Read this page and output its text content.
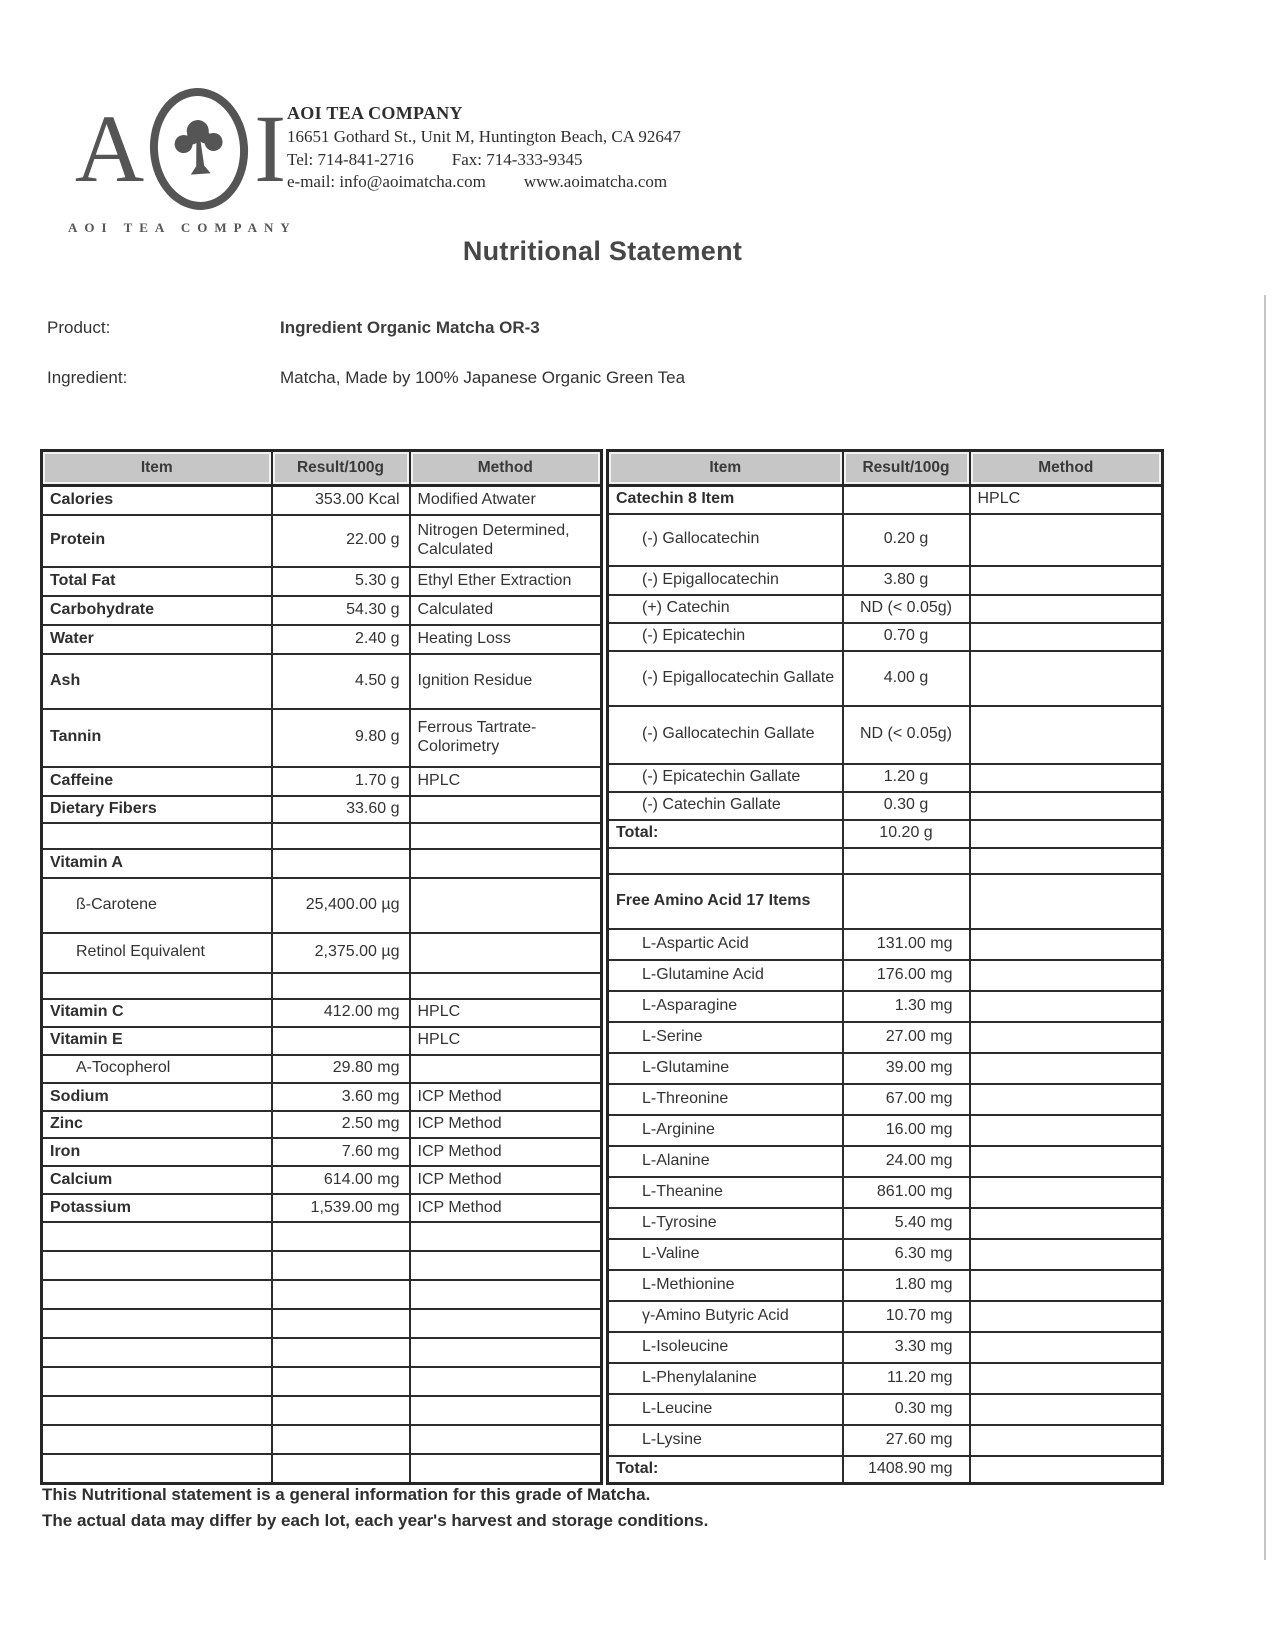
A I
AOI TEA COMPANY
AOI TEA COMPANY
16651 Gothard St., Unit M, Huntington Beach, CA 92647
Tel: 714-841-2716 Fax: 714-333-9345
e-mail: info@aoimatcha.com www.aoimatcha.com
Nutritional Statement
Product:	Ingredient Organic Matcha OR-3
Ingredient:	Matcha, Made by 100% Japanese Organic Green Tea
Item	Result/100g	Method
Calories	353.00 Kcal	Modified Atwater
Protein	22.00 g	Nitrogen Determined, Calculated
Total Fat	5.30 g	Ethyl Ether Extraction
Carbohydrate	54.30 g	Calculated
Water	2.40 g	Heating Loss
Ash	4.50 g	Ignition Residue
Tannin	9.80 g	Ferrous Tartrate-Colorimetry
Caffeine	1.70 g	HPLC
Dietary Fibers	33.60 g	

Vitamin A		
ß-Carotene	25,400.00 µg	
Retinol Equivalent	2,375.00 µg	

Vitamin C	412.00 mg	HPLC
Vitamin E		HPLC
A-Tocopherol	29.80 mg	
Sodium	3.60 mg	ICP Method
Zinc	2.50 mg	ICP Method
Iron	7.60 mg	ICP Method
Calcium	614.00 mg	ICP Method
Potassium	1,539.00 mg	ICP Method

Item	Result/100g	Method
Catechin 8 Item		HPLC
(-) Gallocatechin	0.20 g	
(-) Epigallocatechin	3.80 g	
(+) Catechin	ND (< 0.05g)	
(-) Epicatechin	0.70 g	
(-) Epigallocatechin Gallate	4.00 g	
(-) Gallocatechin Gallate	ND (< 0.05g)	
(-) Epicatechin Gallate	1.20 g	
(-) Catechin Gallate	0.30 g	
Total:	10.20 g	

Free Amino Acid 17 Items		
L-Aspartic Acid	131.00 mg	
L-Glutamine Acid	176.00 mg	
L-Asparagine	1.30 mg	
L-Serine	27.00 mg	
L-Glutamine	39.00 mg	
L-Threonine	67.00 mg	
L-Arginine	16.00 mg	
L-Alanine	24.00 mg	
L-Theanine	861.00 mg	
L-Tyrosine	5.40 mg	
L-Valine	6.30 mg	
L-Methionine	1.80 mg	
γ-Amino Butyric Acid	10.70 mg	
L-Isoleucine	3.30 mg	
L-Phenylalanine	11.20 mg	
L-Leucine	0.30 mg	
L-Lysine	27.60 mg	
Total:	1408.90 mg	
This Nutritional statement is a general information for this grade of Matcha.
The actual data may differ by each lot, each year's harvest and storage conditions.
